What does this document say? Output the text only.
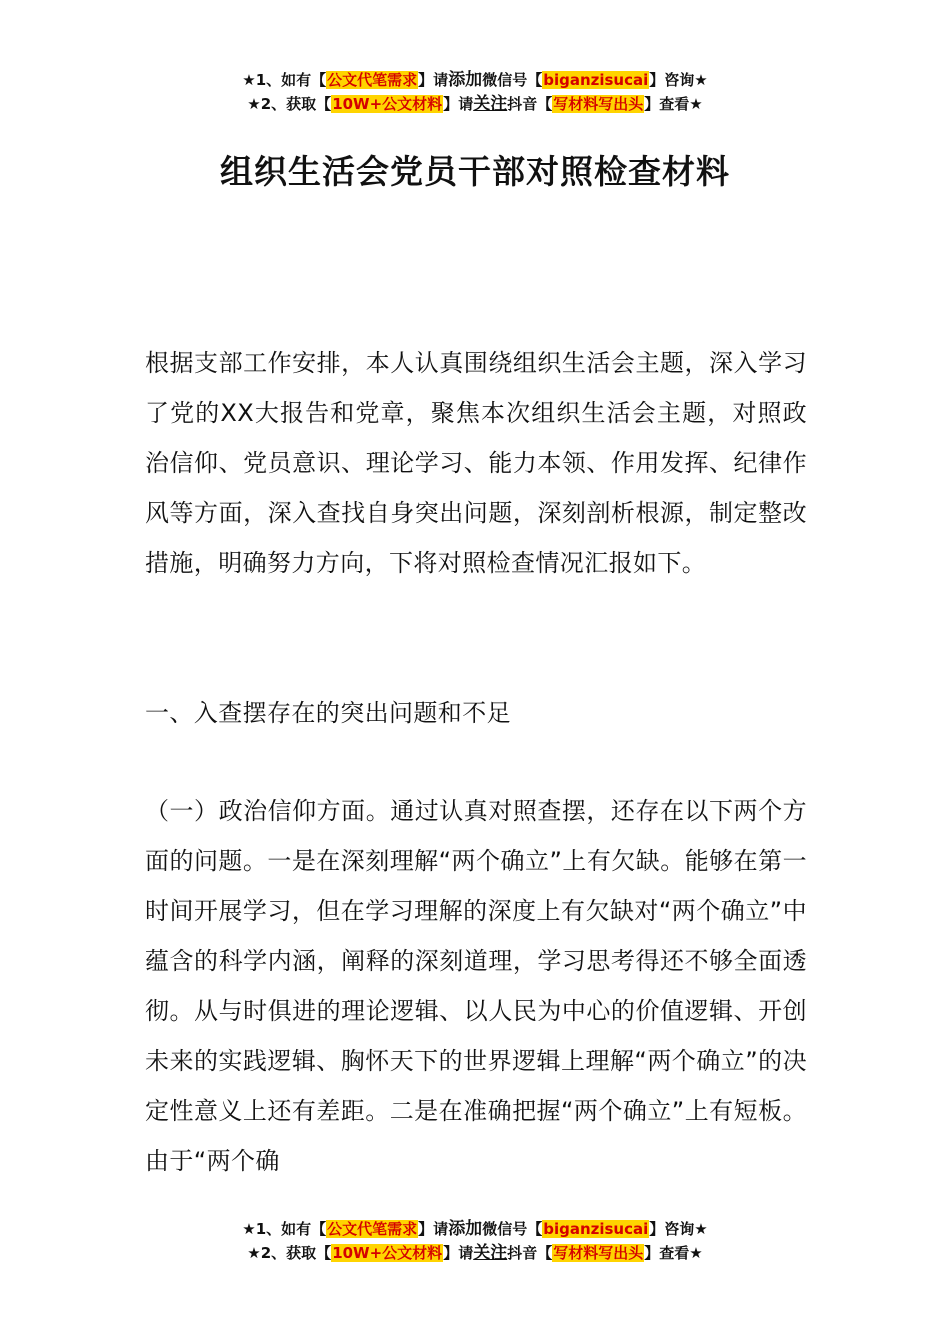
★1、如有【公文代笔需求】请添加微信号【biganzisucai】咨询★
★2、获取【10W+公文材料】请关注抖音【写材料写出头】查看★
组织生活会党员干部对照检查材料

根据支部工作安排，本人认真围绕组织生活会主题，深入学习了党的XX大报告和党章，聚焦本次组织生活会主题，对照政治信仰、党员意识、理论学习、能力本领、作用发挥、纪律作风等方面，深入查找自身突出问题，深刻剖析根源，制定整改措施，明确努力方向，下将对照检查情况汇报如下。

一、入查摆存在的突出问题和不足

（一）政治信仰方面。通过认真对照查摆，还存在以下两个方面的问题。一是在深刻理解“两个确立”上有欠缺。能够在第一时间开展学习，但在学习理解的深度上有欠缺对“两个确立”中蕴含的科学内涵，阐释的深刻道理，学习思考得还不够全面透彻。从与时俱进的理论逻辑、以人民为中心的价值逻辑、开创未来的实践逻辑、胸怀天下的世界逻辑上理解“两个确立”的决定性意义上还有差距。二是在准确把握“两个确立”上有短板。由于“两个确

★1、如有【公文代笔需求】请添加微信号【biganzisucai】咨询★
★2、获取【10W+公文材料】请关注抖音【写材料写出头】查看★
